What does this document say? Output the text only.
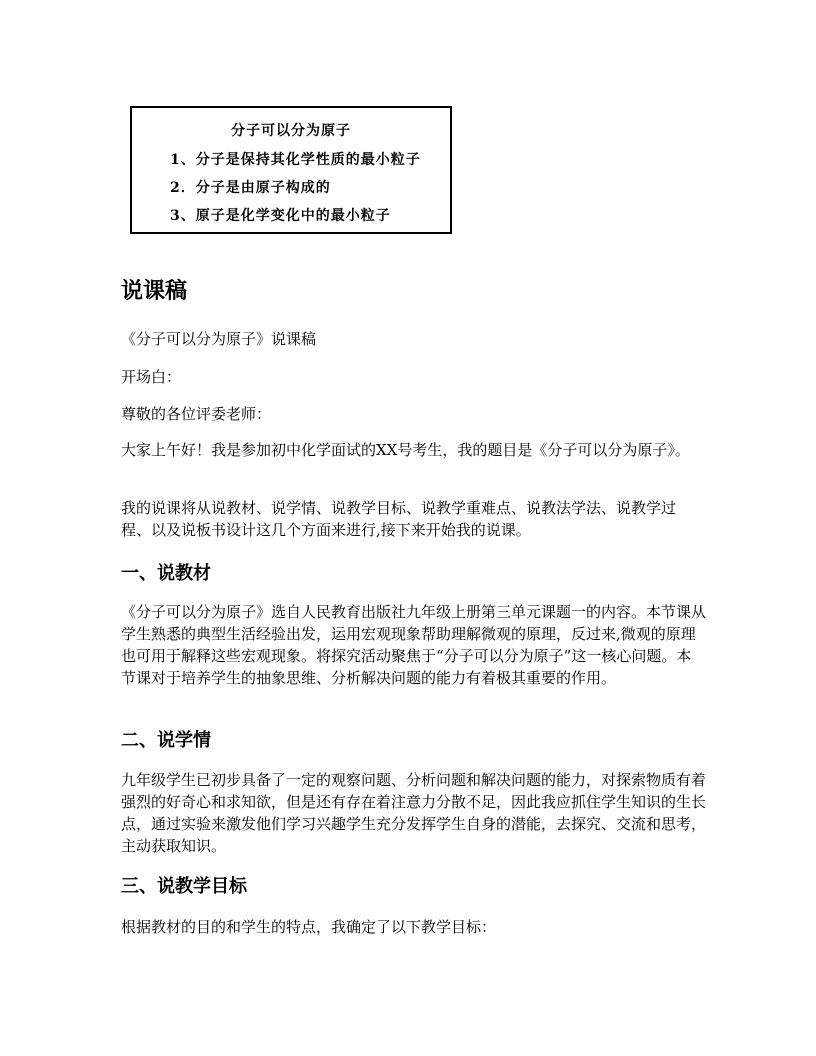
分子可以分为原子
1、分子是保持其化学性质的最小粒子
2．分子是由原子构成的
3、原子是化学变化中的最小粒子
说课稿

《分子可以分为原子》说课稿

开场白：

尊敬的各位评委老师：

大家上午好！我是参加初中化学面试的XX号考生，我的题目是《分子可以分为原子》。

我的说课将从说教材、说学情、说教学目标、说教学重难点、说教法学法、说教学过程、以及说板书设计这几个方面来进行,接下来开始我的说课。

一、说教材

《分子可以分为原子》选自人民教育出版社九年级上册第三单元课题一的内容。本节课从学生熟悉的典型生活经验出发，运用宏观现象帮助理解微观的原理，反过来,微观的原理也可用于解释这些宏观现象。将探究活动聚焦于“分子可以分为原子”这一核心问题。本节课对于培养学生的抽象思维、分析解决问题的能力有着极其重要的作用。

二、说学情

九年级学生已初步具备了一定的观察问题、分析问题和解决问题的能力，对探索物质有着强烈的好奇心和求知欲，但是还有存在着注意力分散不足，因此我应抓住学生知识的生长点，通过实验来激发他们学习兴趣学生充分发挥学生自身的潜能，去探究、交流和思考，主动获取知识。

三、说教学目标

根据教材的目的和学生的特点，我确定了以下教学目标：
